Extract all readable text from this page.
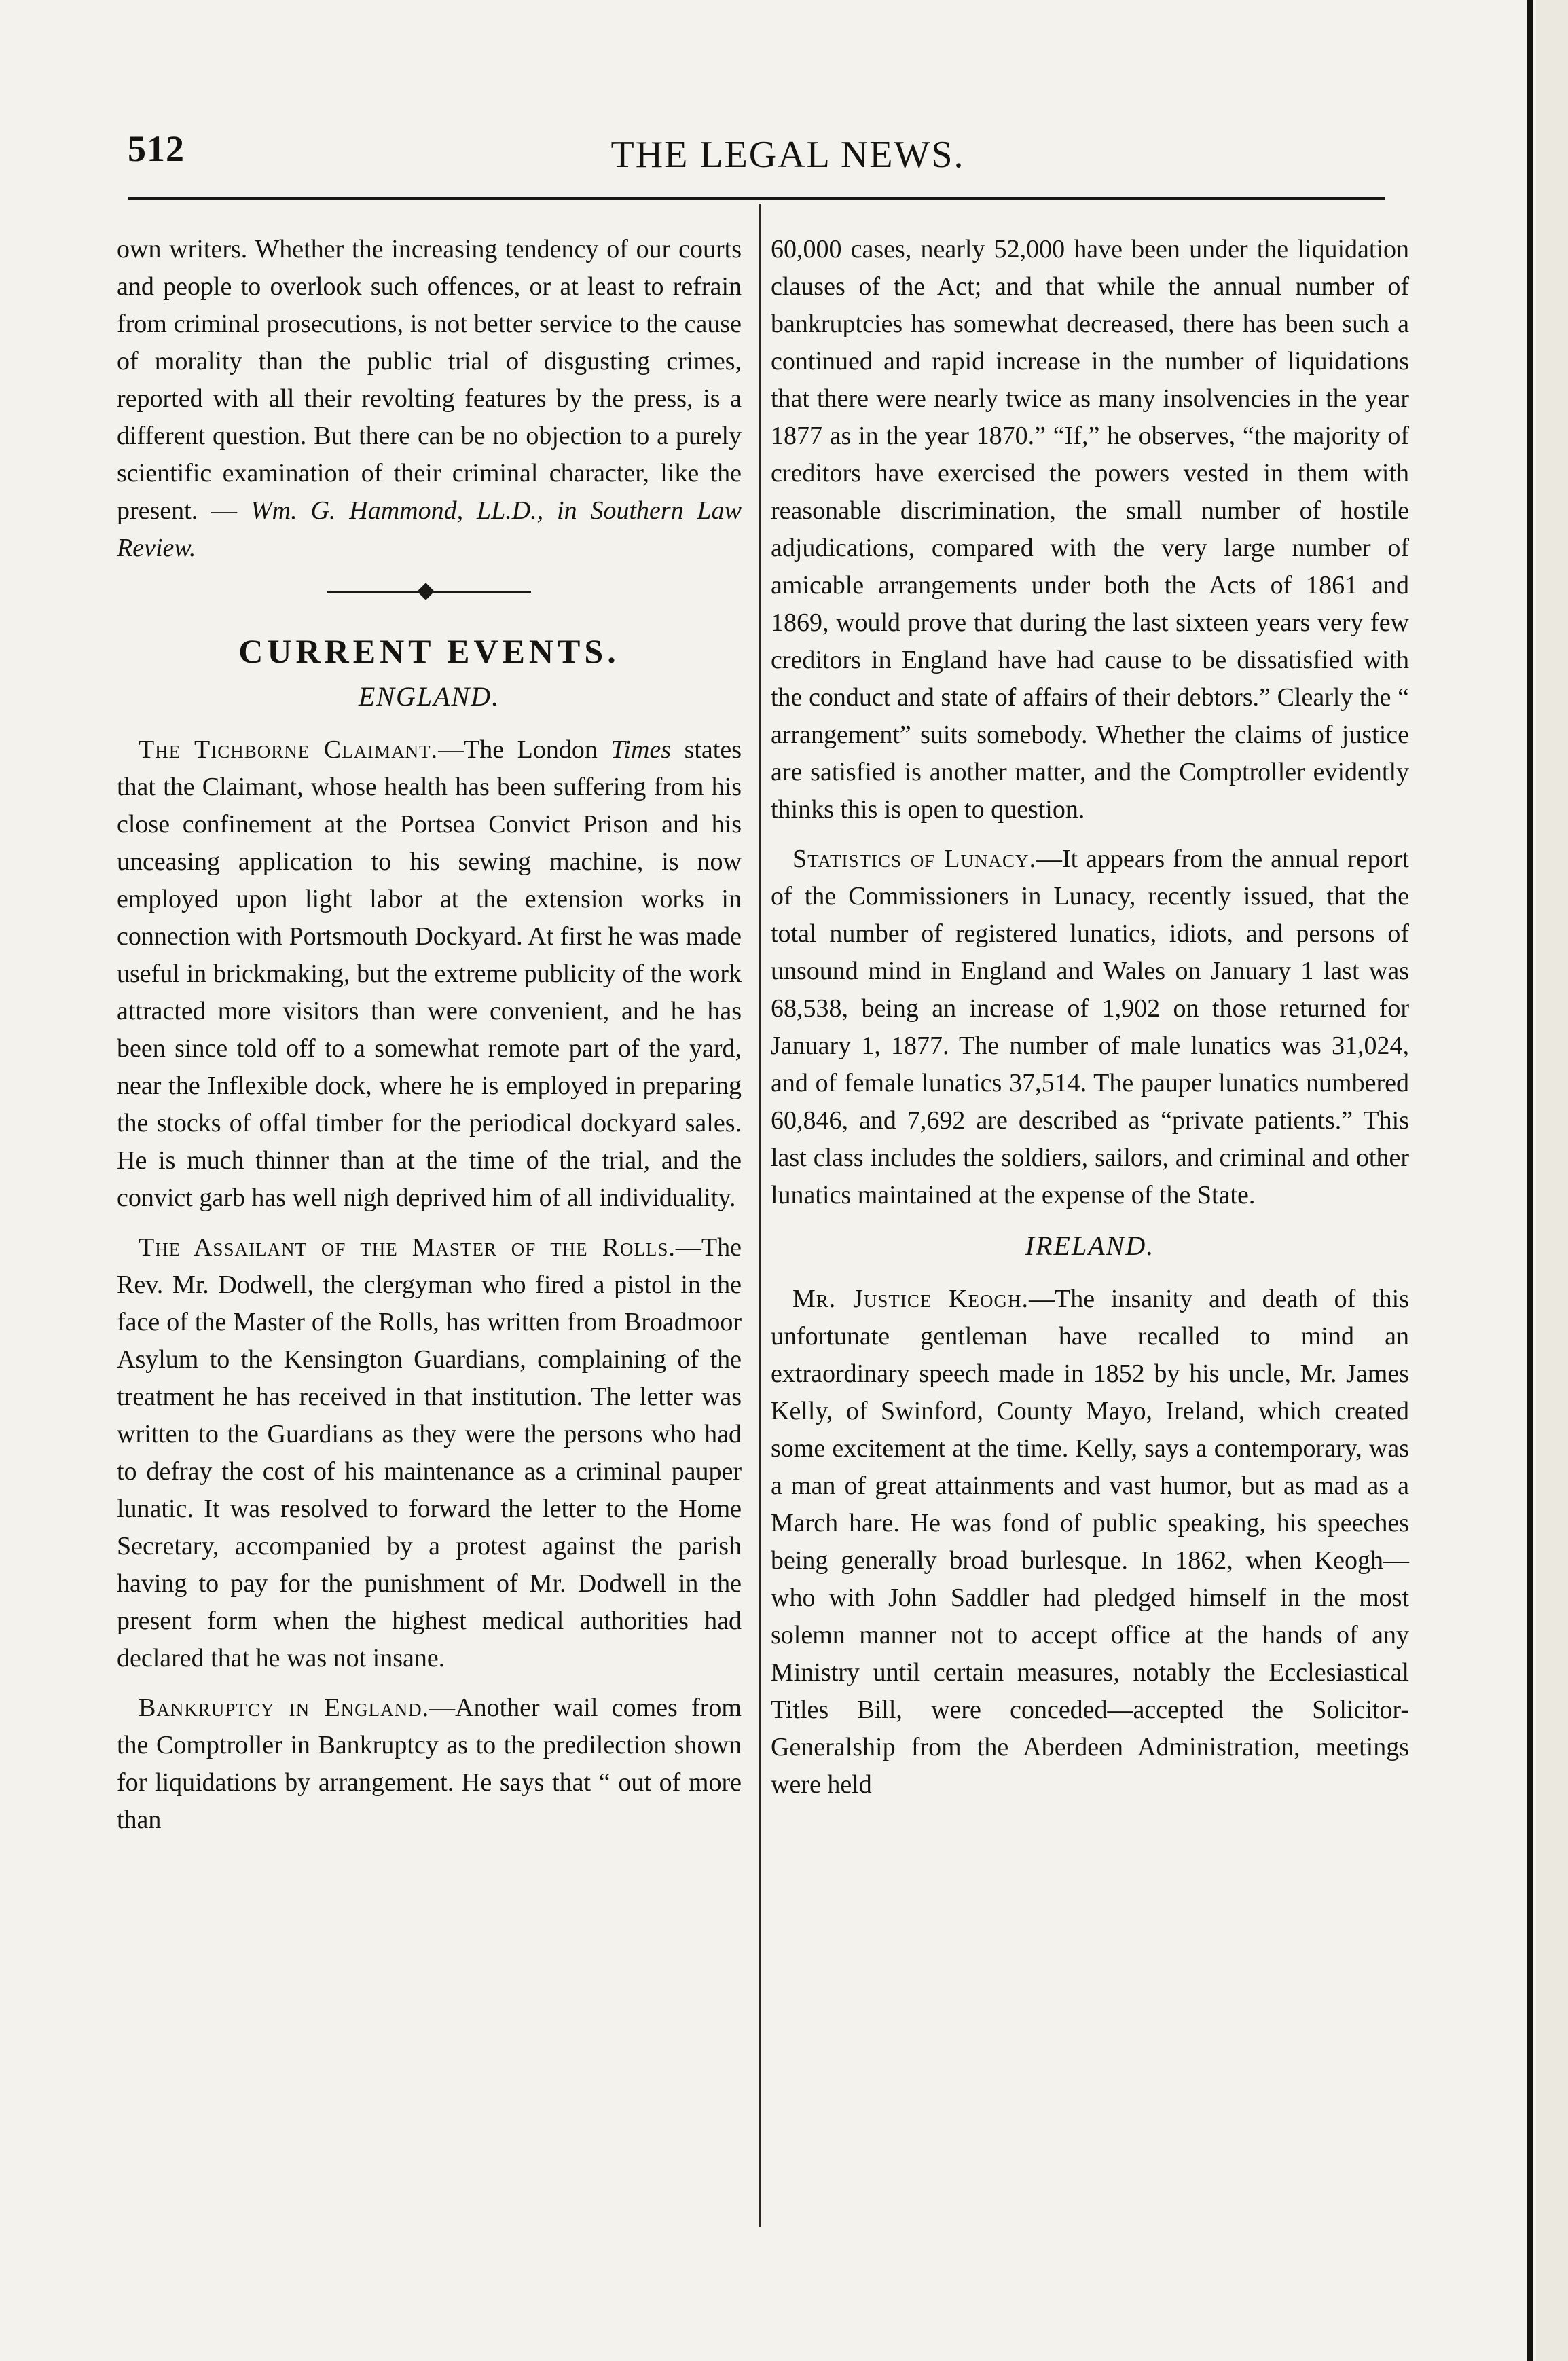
512	THE LEGAL NEWS.

own writers. Whether the increasing tendency of our courts and people to overlook such offences, or at least to refrain from criminal prosecutions, is not better service to the cause of morality than the public trial of disgusting crimes, reported with all their revolting features by the press, is a different question. But there can be no objection to a purely scientific examination of their criminal character, like the present. — Wm. G. Hammond, LL.D., in Southern Law Review.

CURRENT EVENTS.
ENGLAND.

The Tichborne Claimant.—The London Times states that the Claimant, whose health has been suffering from his close confinement at the Portsea Convict Prison and his unceasing application to his sewing machine, is now employed upon light labor at the extension works in connection with Portsmouth Dockyard. At first he was made useful in brickmaking, but the extreme publicity of the work attracted more visitors than were convenient, and he has been since told off to a somewhat remote part of the yard, near the Inflexible dock, where he is employed in preparing the stocks of offal timber for the periodical dockyard sales. He is much thinner than at the time of the trial, and the convict garb has well nigh deprived him of all individuality.

The Assailant of the Master of the Rolls.—The Rev. Mr. Dodwell, the clergyman who fired a pistol in the face of the Master of the Rolls, has written from Broadmoor Asylum to the Kensington Guardians, complaining of the treatment he has received in that institution. The letter was written to the Guardians as they were the persons who had to defray the cost of his maintenance as a criminal pauper lunatic. It was resolved to forward the letter to the Home Secretary, accompanied by a protest against the parish having to pay for the punishment of Mr. Dodwell in the present form when the highest medical authorities had declared that he was not insane.

Bankruptcy in England.—Another wail comes from the Comptroller in Bankruptcy as to the predilection shown for liquidations by arrangement. He says that “ out of more than

60,000 cases, nearly 52,000 have been under the liquidation clauses of the Act; and that while the annual number of bankruptcies has somewhat decreased, there has been such a continued and rapid increase in the number of liquidations that there were nearly twice as many insolvencies in the year 1877 as in the year 1870.” “If,” he observes, “the majority of creditors have exercised the powers vested in them with reasonable discrimination, the small number of hostile adjudications, compared with the very large number of amicable arrangements under both the Acts of 1861 and 1869, would prove that during the last sixteen years very few creditors in England have had cause to be dissatisfied with the conduct and state of affairs of their debtors.” Clearly the “ arrangement” suits somebody. Whether the claims of justice are satisfied is another matter, and the Comptroller evidently thinks this is open to question.

Statistics of Lunacy.—It appears from the annual report of the Commissioners in Lunacy, recently issued, that the total number of registered lunatics, idiots, and persons of unsound mind in England and Wales on January 1 last was 68,538, being an increase of 1,902 on those returned for January 1, 1877. The number of male lunatics was 31,024, and of female lunatics 37,514. The pauper lunatics numbered 60,846, and 7,692 are described as “private patients.” This last class includes the soldiers, sailors, and criminal and other lunatics maintained at the expense of the State.

IRELAND.

Mr. Justice Keogh.—The insanity and death of this unfortunate gentleman have recalled to mind an extraordinary speech made in 1852 by his uncle, Mr. James Kelly, of Swinford, County Mayo, Ireland, which created some excitement at the time. Kelly, says a contemporary, was a man of great attainments and vast humor, but as mad as a March hare. He was fond of public speaking, his speeches being generally broad burlesque. In 1862, when Keogh—who with John Saddler had pledged himself in the most solemn manner not to accept office at the hands of any Ministry until certain measures, notably the Ecclesiastical Titles Bill, were conceded—accepted the Solicitor-Generalship from the Aberdeen Administration, meetings were held
